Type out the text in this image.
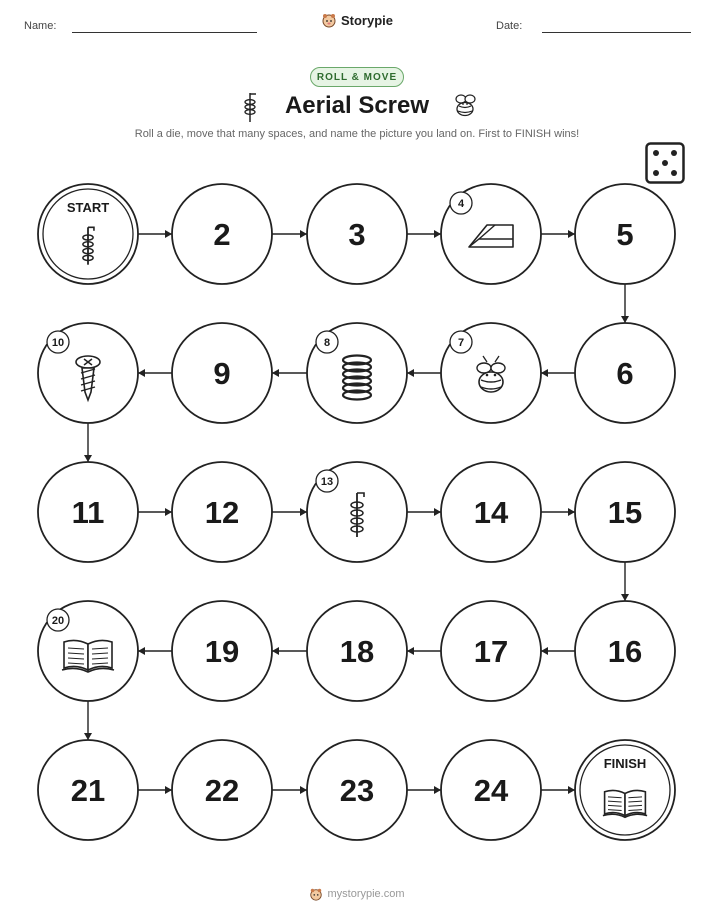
Name:	Storypie	Date:
ROLL & MOVE
Aerial Screw
Roll a die, move that many spaces, and name the picture you land on. First to FINISH wins!
START
2	3
4
5
6
7
8
9
10
11	12
13
14	15
16
17
18
19
20
21	22	23	24
FINISH
mystorypie.com
